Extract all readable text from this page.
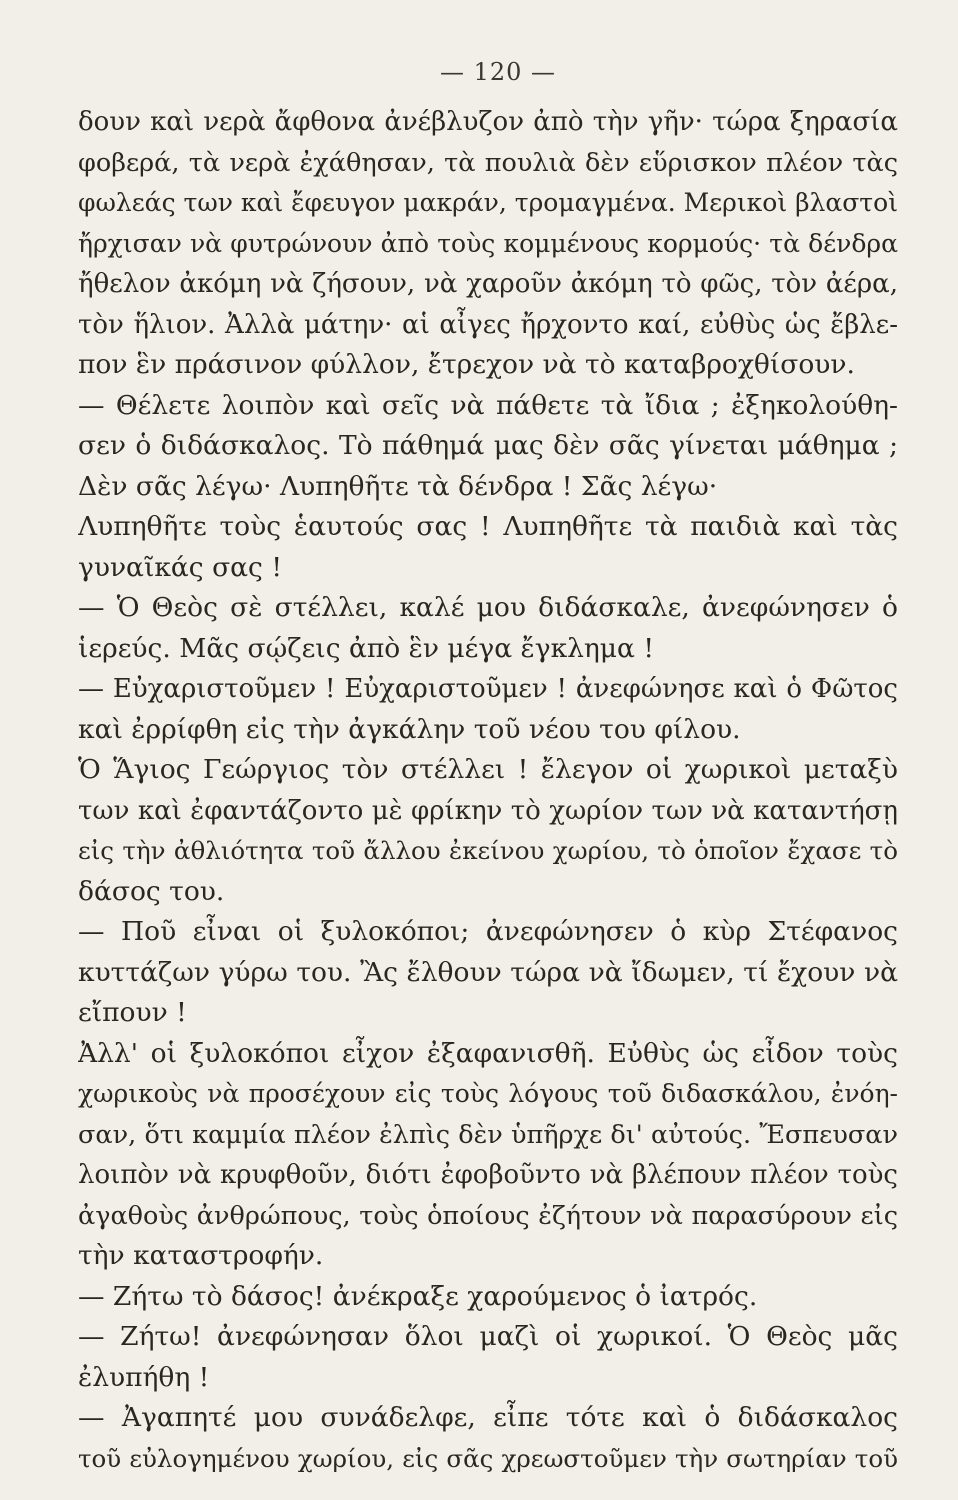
— 120 —
δουν καὶ νερὰ ἄφθονα ἀνέβλυζον ἀπὸ τὴν γῆν· τώρα ξηρασία
φοβερά, τὰ νερὰ ἐχάθησαν, τὰ πουλιὰ δὲν εὕρισκον πλέον τὰς
φωλεάς των καὶ ἔφευγον μακράν, τρομαγμένα. Μερικοὶ βλαστοὶ
ἤρχισαν νὰ φυτρώνουν ἀπὸ τοὺς κομμένους κορμούς· τὰ δένδρα
ἤθελον ἀκόμη νὰ ζήσουν, νὰ χαροῦν ἀκόμη τὸ φῶς, τὸν ἀέρα,
τὸν ἥλιον. Ἀλλὰ μάτην· αἱ αἶγες ἤρχοντο καί, εὐθὺς ὡς ἔβλε-
πον ἓν πράσινον φύλλον, ἔτρεχον νὰ τὸ καταβροχθίσουν.
— Θέλετε λοιπὸν καὶ σεῖς νὰ πάθετε τὰ ἴδια ; ἐξηκολούθη-
σεν ὁ διδάσκαλος. Τὸ πάθημά μας δὲν σᾶς γίνεται μάθημα ;
Δὲν σᾶς λέγω· Λυπηθῆτε τὰ δένδρα ! Σᾶς λέγω·
Λυπηθῆτε τοὺς ἑαυτούς σας ! Λυπηθῆτε τὰ παιδιὰ καὶ τὰς
γυναῖκάς σας !
— Ὁ Θεὸς σὲ στέλλει, καλέ μου διδάσκαλε, ἀνεφώνησεν ὁ
ἱερεύς. Μᾶς σῴζεις ἀπὸ ἓν μέγα ἔγκλημα !
— Εὐχαριστοῦμεν ! Εὐχαριστοῦμεν ! ἀνεφώνησε καὶ ὁ Φῶτος
καὶ ἐρρίφθη εἰς τὴν ἀγκάλην τοῦ νέου του φίλου.
Ὁ Ἅγιος Γεώργιος τὸν στέλλει ! ἔλεγον οἱ χωρικοὶ μεταξὺ
των καὶ ἐφαντάζοντο μὲ φρίκην τὸ χωρίον των νὰ καταντήσῃ
εἰς τὴν ἀθλιότητα τοῦ ἄλλου ἐκείνου χωρίου, τὸ ὁποῖον ἔχασε τὸ
δάσος του.
— Ποῦ εἶναι οἱ ξυλοκόποι; ἀνεφώνησεν ὁ κὺρ Στέφανος
κυττάζων γύρω του. Ἂς ἔλθουν τώρα νὰ ἴδωμεν, τί ἔχουν νὰ
εἴπουν !
Ἀλλ' οἱ ξυλοκόποι εἶχον ἐξαφανισθῆ. Εὐθὺς ὡς εἶδον τοὺς
χωρικοὺς νὰ προσέχουν εἰς τοὺς λόγους τοῦ διδασκάλου, ἐνόη-
σαν, ὅτι καμμία πλέον ἐλπὶς δὲν ὑπῆρχε δι' αὐτούς. Ἔσπευσαν
λοιπὸν νὰ κρυφθοῦν, διότι ἐφοβοῦντο νὰ βλέπουν πλέον τοὺς
ἀγαθοὺς ἀνθρώπους, τοὺς ὁποίους ἐζήτουν νὰ παρασύρουν εἰς
τὴν καταστροφήν.
— Ζήτω τὸ δάσος! ἀνέκραξε χαρούμενος ὁ ἰατρός.
— Ζήτω! ἀνεφώνησαν ὅλοι μαζὶ οἱ χωρικοί. Ὁ Θεὸς μᾶς
ἐλυπήθη !
— Ἀγαπητέ μου συνάδελφε, εἶπε τότε καὶ ὁ διδάσκαλος
τοῦ εὐλογημένου χωρίου, εἰς σᾶς χρεωστοῦμεν τὴν σωτηρίαν τοῦ
